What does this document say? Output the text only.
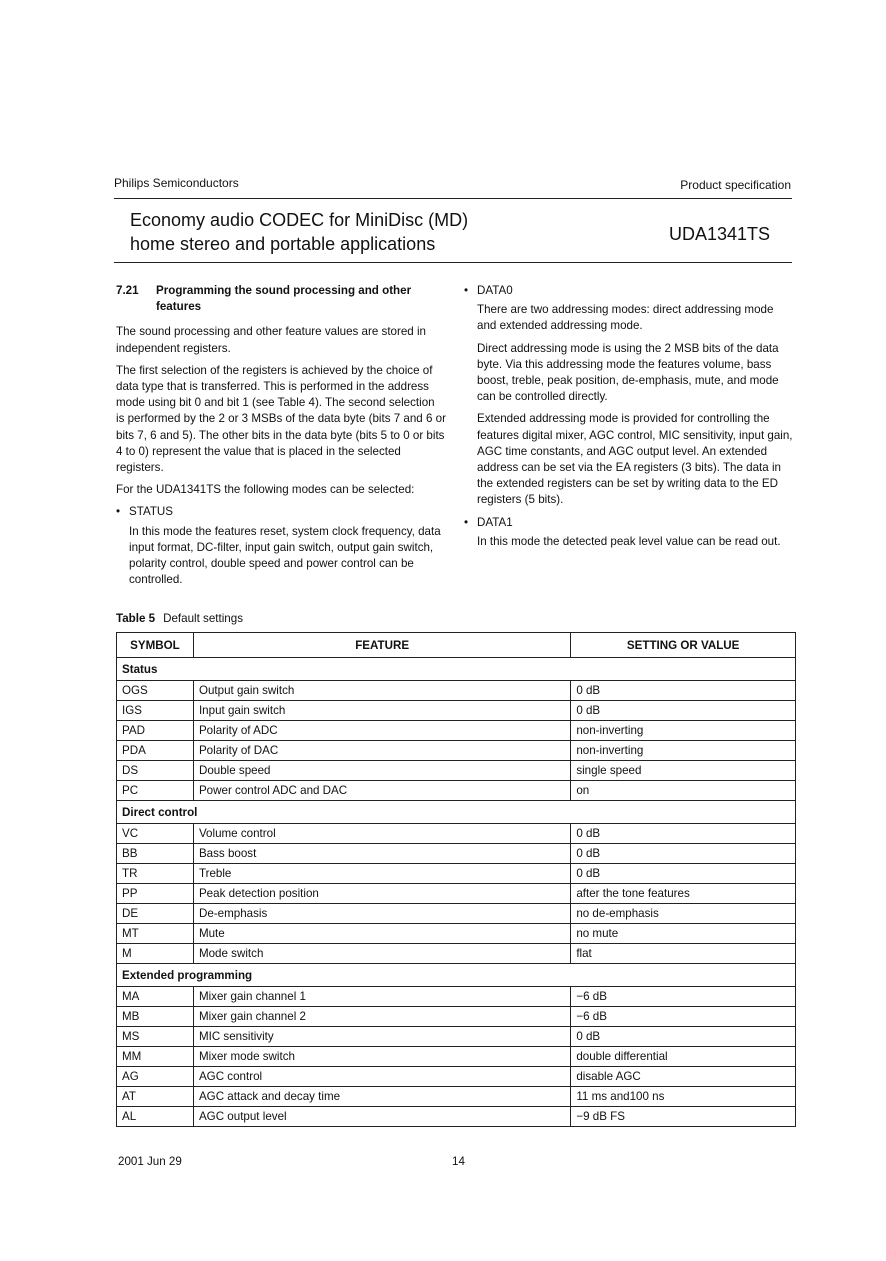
Philips Semiconductors	Product specification
Economy audio CODEC for MiniDisc (MD)
home stereo and portable applications	UDA1341TS
7.21	Programming the sound processing and other features

The sound processing and other feature values are stored in independent registers.

The first selection of the registers is achieved by the choice of data type that is transferred. This is performed in the address mode using bit 0 and bit 1 (see Table 4). The second selection is performed by the 2 or 3 MSBs of the data byte (bits 7 and 6 or bits 7, 6 and 5). The other bits in the data byte (bits 5 to 0 or bits 4 to 0) represent the value that is placed in the selected registers.

For the UDA1341TS the following modes can be selected:

• STATUS

In this mode the features reset, system clock frequency, data input format, DC-filter, input gain switch, output gain switch, polarity control, double speed and power control can be controlled.

• DATA0

There are two addressing modes: direct addressing mode and extended addressing mode.

Direct addressing mode is using the 2 MSB bits of the data byte. Via this addressing mode the features volume, bass boost, treble, peak position, de-emphasis, mute, and mode can be controlled directly.

Extended addressing mode is provided for controlling the features digital mixer, AGC control, MIC sensitivity, input gain, AGC time constants, and AGC output level. An extended address can be set via the EA registers (3 bits). The data in the extended registers can be set by writing data to the ED registers (5 bits).

• DATA1

In this mode the detected peak level value can be read out.

Table 5 Default settings
SYMBOL	FEATURE	SETTING OR VALUE
Status		
OGS	Output gain switch	0 dB
IGS	Input gain switch	0 dB
PAD	Polarity of ADC	non-inverting
PDA	Polarity of DAC	non-inverting
DS	Double speed	single speed
PC	Power control ADC and DAC	on
Direct control		
VC	Volume control	0 dB
BB	Bass boost	0 dB
TR	Treble	0 dB
PP	Peak detection position	after the tone features
DE	De-emphasis	no de-emphasis
MT	Mute	no mute
M	Mode switch	flat
Extended programming		
MA	Mixer gain channel 1	−6 dB
MB	Mixer gain channel 2	−6 dB
MS	MIC sensitivity	0 dB
MM	Mixer mode switch	double differential
AG	AGC control	disable AGC
AT	AGC attack and decay time	11 ms and100 ns
AL	AGC output level	−9 dB FS
2001 Jun 29	14
